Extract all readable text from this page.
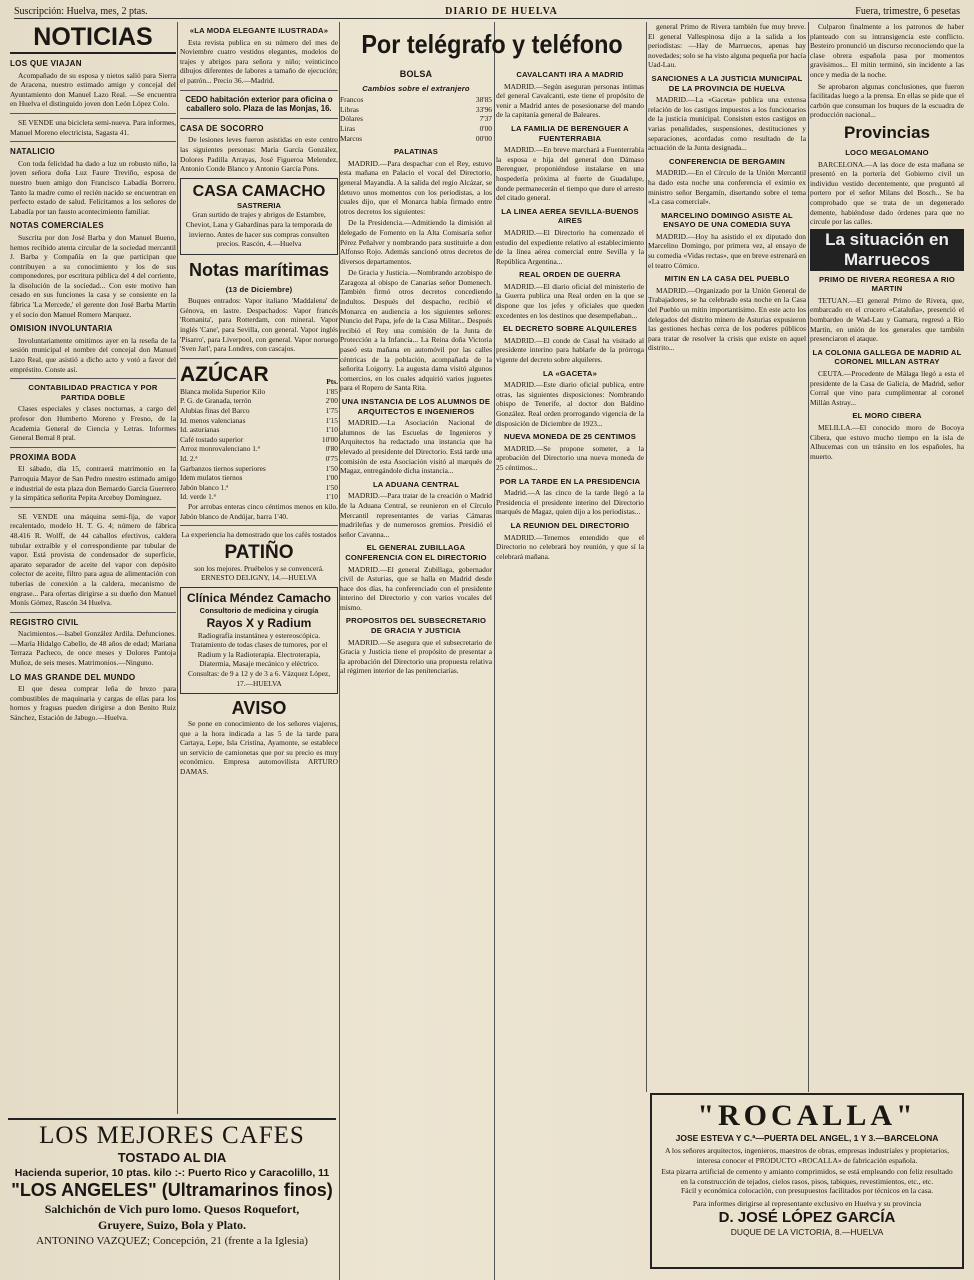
Suscripción: Huelva, mes, 2 ptas.	DIARIO DE HUELVA	Fuera, trimestre, 6 pesetas
NOTICIAS
LOS QUE VIAJAN

Acompañado de su esposa y nietos salió para Sierra de Aracena, nuestro estimado amigo y concejal del Ayuntamiento don Manuel Lazo Real. —Se encuentra en Huelva el distinguido joven don León López Colo.

SE VENDE una bicicleta semi-nueva. Para informes, Manuel Moreno electricista, Sagasta 41.

NATALICIO

Con toda felicidad ha dado a luz un robusto niño, la joven señora doña Luz Faure Treviño, esposa de nuestro buen amigo don Francisco Labadía Borrero. Tanto la madre como el recién nacido se encuentran en perfecto estado de salud. Felicitamos a los señores de Labadía por tan fausto acontecimiento familiar.

NOTAS COMERCIALES

Suscrita por don José Barba y don Manuel Bueno, hemos recibido atenta circular de la sociedad mercantil J. Barba y Compañía en la que participan que contribuyen a su conocimiento y los de sus componedores, por escritura pública del 4 del corriente, la disolución de la sociedad... Con este motivo han cesado en sus funciones la casa y se consiente en la fábrica 'La Mercede,' el gerente don José Barba Martín y el socio don Manuel Romero Marquez.

OMISION INVOLUNTARIA

Involuntariamente omitimos ayer en la reseña de la sesión municipal el nombre del concejal don Manuel Lazo Real, que asistió a dicho acto y votó a favor del empréstito. Conste así.

CONTABILIDAD PRACTICA Y POR PARTIDA DOBLE

Clases especiales y clases nocturnas, a cargo del profesor don Humberto Moreno y Fresno, de la Academia General de Ciencia y Letras. Informes General Bernal 8 pral.

PROXIMA BODA

El sábado, día 15, contraerá matrimonio en la Parroquia Mayor de San Pedro nuestro estimado amigo e industrial de esta plaza don Bernardo García Guerrero y la simpática señorita Pepita Arcebuy Domínguez.

SE VENDE una máquina semi-fija, de vapor recalentado, modelo H. T. G. 4; número de fábrica 48.416 R. Wolff, de 44 caballos efectivos, caldera tubular extraíble y el correspondiente par tubular de vapor. Está provista de condensador de superficie, aparato separador de aceite del vapor con depósito colector de aceite, filtro para agua de alimentación con tuberías de conexión a la caldera, mecanismo de engrase... Para ofertas dirigirse a su dueño don Manuel Monís Gómez, Rascón 34 Huelva.

REGISTRO CIVIL

Nacimientos.—Isabel González Ardila. Defunciones.—María Hidalgo Cabello, de 48 años de edad; Mariana Terraza Pacheco, de once meses y Dolores Pantoja Muñoz, de seis meses. Matrimonios.—Ninguno.

LO MAS GRANDE DEL MUNDO

El que desea comprar leña de brezo para combustibles de maquinaria y cargas de ellas para los hornos y fraguas pueden dirigirse a don Benito Ruiz Sánchez, Estación de Jabugo.—Huelva.

«LA MODA ELEGANTE ILUSTRADA»

Esta revista publica en su número del mes de Noviembre cuatro vestidos elegantes, modelos de trajes y abrigos para señora y niño; veinticinco dibujos diferentes de labores a tamaño de ejecución; el patrón... Precio 36.—Madrid.

CEDO habitación exterior para oficina o caballero solo. Plaza de las Monjas, 16.
CASA DE SOCORRO

De lesiones leves fueron asistidas en este centro las siguientes personas: María García González, Dolores Padilla Arrayas, José Figueroa Melendez, Antonio Conde Blanco y Antonio García Pons.

CASA CAMACHO
SASTRERIA

Gran surtido de trajes y abrigos de Estambre, Cheviot, Lana y Gabardinas para la temporada de invierno. Antes de hacer sus compras consulten precios. Rascón, 4.—Huelva

Notas marítimas
(13 de Diciembre)

Buques entrados: Vapor italiano 'Maddalena' de Génova, en lastre. Despachados: Vapor francés 'Romanita', para Rotterdam, con mineral. Vapor inglés 'Cane', para Sevilla, con general. Vapor inglés 'Pisarro', para Liverpool, con general. Vapor noruego 'Sven Jarl', para Londres, con cascajos.

AZÚCAR	Pts.
Blanca molida Superior Kilo	1'85
P. G. de Granada, terrón	2'00
Alubias finas del Barco	1'75
Id. menos valencianas	1'15
Id. asturianas	1'10
Café tostado superior	10'00
Arroz monrovalenciano 1.ª	0'80
Id. 2.ª	0'75
Garbanzos tiernos superiores	1'50
Idem mulatos tiernos	1'00
Jabón blanco 1.ª	1'50
Id. verde 1.ª	1'10

Por arrobas enteras cinco céntimos menos en kilo. Jabón blanco de Andújar, barra 1'40.

La experiencia ha demostrado que los cafés tostados

PATIÑO

son los mejores. Pruébelos y se convencerá. ERNESTO DELIGNY, 14.—HUELVA

Clínica Méndez Camacho
Consultorio de medicina y cirugía
Rayos X y Radium

Radiografía instantánea y estereoscópica. Tratamiento de todas clases de tumores, por el Radium y la Radioterapia. Electroterapia, Diatermia, Masaje mecánico y eléctrico. Consultas: de 9 a 12 y de 3 a 6. Vázquez López, 17.—HUELVA

AVISO

Se pone en conocimiento de los señores viajeros, que a la hora indicada a las 5 de la tarde para Cartaya, Lepe, Isla Cristina, Ayamonte, se establece un servicio de camionetas que por su precio es muy económico. Empresa automovilista ARTURO DAMAS.

LOS MEJORES CAFES
TOSTADO AL DIA
Hacienda superior, 10 ptas. kilo :-: Puerto Rico y Caracolillo, 11
"LOS ANGELES" (Ultramarinos finos)
Salchichón de Vich puro lomo. Quesos Roquefort,
Gruyere, Suizo, Bola y Plato.
ANTONINO VAZQUEZ; Concepción, 21 (frente a la Iglesia)
Por telégrafo y teléfono
BOLSA
Cambios sobre el extranjero
Francos	38'85
Libras	33'96
Dólares	7'37
Liras	0'00
Marcos	00'00
PALATINAS

MADRID.—Para despachar con el Rey, estuvo esta mañana en Palacio el vocal del Directorio, general Mayandía. A la salida del regio Alcázar, se detuvo unos momentos con los periodistas, a los cuales dijo, que el Monarca había firmado entre otros decretos los siguientes:

De la Presidencia.—Admitiendo la dimisión al delegado de Fomento en la Alta Comisaría señor Pérez Peñalver y nombrando para sustituirle a don Alfonso Rojo. Además sancionó otros decretos de diversos departamentos.

De Gracia y Justicia.—Nombrando arzobispo de Zaragoza al obispo de Canarias señor Domenech. También firmó otros decretos concediendo indultos. Después del despacho, recibió el Monarca en audiencia a los siguientes señores: Nuncio del Papa, jefe de la Casa Militar... Después recibió el Rey una comisión de la Junta de Protección a la Infancia... La Reina doña Victoria paseó esta mañana en automóvil por las calles céntricas de la población, acompañada de la señorita Loigorry. La augusta dama visitó algunos comercios, en los cuales adquirió varios juguetes para el Ropero de Santa Rita.

UNA INSTANCIA DE LOS ALUMNOS DE ARQUITECTOS E INGENIEROS

MADRID.—La Asociación Nacional de alumnos de las Escuelas de Ingenieros y Arquitectos ha redactado una instancia que ha elevado al presidente del Directorio. Está tarde una comisión de esta Asociación visitó al marqués de Magaz, entregándole dicha instancia...

LA ADUANA CENTRAL

MADRID.—Para tratar de la creación o Madrid de la Aduana Central, se reunieron en el Círculo Mercantil representantes de varias Cámaras madrileñas y de numerosos gremios. Presidió el señor Cavanna...

EL GENERAL ZUBILLAGA CONFERENCIA CON EL DIRECTORIO

MADRID.—El general Zubillaga, gobernador civil de Asturias, que se halla en Madrid desde hace dos días, ha conferenciado con el presidente interino del Directorio y con varios vocales del mismo.

PROPOSITOS DEL SUBSECRETARIO DE GRACIA Y JUSTICIA

MADRID.—Se asegura que el subsecretario de Gracia y Justicia tiene el propósito de presentar a la aprobación del Directorio una propuesta relativa al régimen interior de las penitenciarías.

CAVALCANTI IRA A MADRID

MADRID.—Según aseguran personas íntimas del general Cavalcanti, este tiene el propósito de venir a Madrid antes de posesionarse del mando de la capitanía general de Baleares.

LA FAMILIA DE BERENGUER A FUENTERRABIA

MADRID.—En breve marchará a Fuenterrabía la esposa e hija del general don Dámaso Berenguer, proponiéndose instalarse en una hospedería próxima al fuerte de Guadalupe, donde permanecerán el tiempo que dure el arresto del citado general.

LA LINEA AEREA SEVILLA-BUENOS AIRES

MADRID.—El Directorio ha comenzado el estudio del expediente relativo al establecimiento de la línea aérea comercial entre Sevilla y la República Argentina...

REAL ORDEN DE GUERRA

MADRID.—El diario oficial del ministerio de la Guerra publica una Real orden en la que se dispone que los jefes y oficiales que queden excedentes en los destinos que desempeñaban...

EL DECRETO SOBRE ALQUILERES

MADRID.—El conde de Casal ha visitado al presidente interino para hablarle de la prórroga vigente del decreto sobre alquileres.

LA «GACETA»

MADRID.—Este diario oficial publica, entre otras, las siguientes disposiciones: Nombrando obispo de Tenerife, al doctor don Baldino González. Real orden prorrogando vigencia de la disposición de Diciembre de 1923...

NUEVA MONEDA DE 25 CENTIMOS

MADRID.—Se propone someter, a la aprobación del Directorio una nueva moneda de 25 céntimos...

POR LA TARDE EN LA PRESIDENCIA

Madrid.—A las cinco de la tarde llegó a la Presidencia el presidente interino del Directorio marqués de Magaz, quien dijo a los periodistas...

LA REUNION DEL DIRECTORIO

MADRID.—Tenemos entendido que el Directorio no celebrará hoy reunión, y que sí la celebrará mañana.

general Primo de Rivera también fue muy breve. El general Vallespinosa dijo a la salida a los periodistas: —Hay de Marruecos, apenas hay novedades; solo se ha visto alguna pequeña por hacía Uad-Lau.

SANCIONES A LA JUSTICIA MUNICIPAL DE LA PROVINCIA DE HUELVA

MADRID.—La «Gaceta» publica una extensa relación de los castigos impuestos a los funcionarios de la justicia municipal. Consisten estos castigos en varias penalidades, suspensiones, destituciones y separaciones, acordadas como resultado de la actuación de la Junta designada...

CONFERENCIA DE BERGAMIN

MADRID.—En el Círculo de la Unión Mercantil ha dado esta noche una conferencia el eximio ex ministro señor Bergamín, disertando sobre el tema «La casa comercial».

MARCELINO DOMINGO ASISTE AL ENSAYO DE UNA COMEDIA SUYA

MADRID.—Hoy ha asistido el ex diputado don Marcelino Domingo, por primera vez, al ensayo de su comedia «Vidas rectas», que en breve estrenará en el teatro Cómico.

MITIN EN LA CASA DEL PUEBLO

MADRID.—Organizado por la Unión General de Trabajadores, se ha celebrado esta noche en la Casa del Pueblo un mitin importantísimo. En este acto los delegados del distrito minero de Asturias expusieron las gestiones hechas cerca de los poderes públicos para tratar de resolver la crisis que existe en aquel distrito...

Culparon finalmente a los patronos de haber planteado con su intransigencia este conflicto. Besteiro pronunció un discurso reconociendo que la clase obrera española pasa por momentos gravísimos... El mitin terminó, sin incidente a las once y media de la noche.

Se aprobaron algunas conclusiones, que fueron facilitadas luego a la prensa. En ellas se pide que el carbón que consuman los buques de la escuadra de producción nacional...

Provincias
LOCO MEGALOMANO

BARCELONA.—A las doce de esta mañana se presentó en la portería del Gobierno civil un individuo vestido decentemente, que preguntó al portero por el señor Milans del Bosch... Se ha comprobado que se trata de un degenerado demente, habiéndose dado órdenes para que no circule por las calles.

La situación en Marruecos
PRIMO DE RIVERA REGRESA A RIO MARTIN

TETUAN.—El general Primo de Rivera, que, embarcado en el crucero «Cataluña», presenció el bombardeo de Wad-Lau y Gamara, regresó a Río Martín, en unión de los generales que también presenciaron el ataque.

LA COLONIA GALLEGA DE MADRID AL CORONEL MILLAN ASTRAY

CEUTA.—Procedente de Málaga llegó a esta el presidente de la Casa de Galicia, de Madrid, señor Corral que vino para cumplimentar al coronel Millán Astray...

EL MORO CIBERA

MELILLA.—El conocido moro de Bocoya Cibera, que estuvo mucho tiempo en la isla de Alhucemas con un tránsito en los españoles, ha muerto.

"ROCALLA"
JOSE ESTEVA Y C.ª—PUERTA DEL ANGEL, 1 Y 3.—BARCELONA
A los señores arquitectos, ingenieros, maestros de obras, empresas industriales y propietarios, interesa conocer el PRODUCTO «ROCALLA» de fabricación española.
Esta pizarra artificial de cemento y amianto comprimidos, se está empleando con feliz resultado en la construcción de tejados, cielos rasos, pisos, tabiques, revestimientos, etc., etc.
Fácil y económica colocación, con presupuestos facilitados por técnicos en la casa.
Para informes dirigirse al representante exclusivo en Huelva y su provincia
D. JOSÉ LÓPEZ GARCÍA
DUQUE DE LA VICTORIA, 8.—HUELVA
